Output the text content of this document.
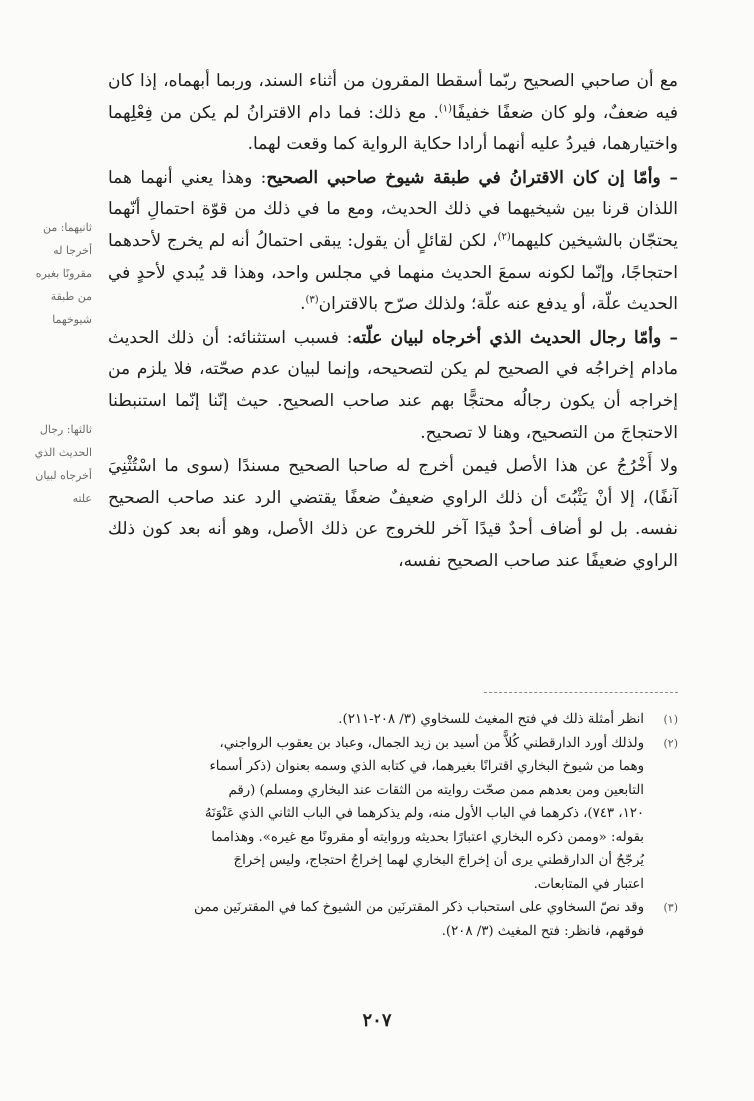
مع أن صاحبي الصحيح ربّما أسقطا المقرون من أثناء السند، وربما أبهماه، إذا كان فيه ضعفٌ، ولو كان ضعفًا خفيفًا$^{(١)}$. مع ذلك: فما دام الاقترانُ لم يكن من فِعْلِهما واختيارهما، فيردُ عليه أنهما أرادا حكاية الرواية كما وقعت لهما.

– وأمّا إن كان الاقترانُ في طبقة شيوخ صاحبي الصحيح: وهذا يعني أنهما هما اللذان قرنا بين شيخيهما في ذلك الحديث، ومع ما في ذلك من قوّة احتمالِ أنّهما يحتجّان بالشيخين كليهما$^{(٢)}$، لكن لقائلٍ أن يقول: يبقى احتمالُ أنه لم يخرج لأحدهما احتجاجًا، وإنّما لكونه سمعَ الحديث منهما في مجلس واحد، وهذا قد يُبدي لأحدٍ في الحديث علّة، أو يدفع عنه علّة؛ ولذلك صرّح بالاقتران$^{(٣)}$.

– وأمّا رجال الحديث الذي أخرجاه لبيان علّته: فسبب استثنائه: أن ذلك الحديث مادام إخراجُه في الصحيح لم يكن لتصحيحه، وإنما لبيان عدم صحّته، فلا يلزم من إخراجه أن يكون رجالُه محتجًّا بهم عند صاحب الصحيح. حيث إنّنا إنّما استنبطنا الاحتجاجَ من التصحيح، وهنا لا تصحيح.

ولا أَخْرُجُ عن هذا الأصل فيمن أخرج له صاحبا الصحيح مسندًا (سوى ما اسْتُثْنِيَ آنفًا)، إلا أنْ يَثْبُتَ أن ذلك الراوي ضعيفٌ ضعفًا يقتضي الرد عند صاحب الصحيح نفسه. بل لو أضاف أحدٌ قيدًا آخر للخروج عن ذلك الأصل، وهو أنه بعد كون ذلك الراوي ضعيفًا عند صاحب الصحيح نفسه،

ثانيهما: من
أخرجا له
مقرونًا بغيره
من طبقة
شيوخهما
ثالثها: رجال
الحديث الذي
أخرجاه لبيان
علته
(١)
انظر أمثلة ذلك في فتح المغيث للسخاوي (٣/ ٢٠٨-٢١١).
(٢)
ولذلك أورد الدارقطني كُلاًّ من أسيد بن زيد الجمال، وعباد بن يعقوب الرواجني،
وهما من شيوخ البخاري اقترانًا بغيرهما، في كتابه الذي وسمه بعنوان (ذكر أسماء
التابعين ومن بعدهم ممن صحّت روايته من الثقات عند البخاري ومسلم) (رقم
١٢٠، ٧٤٣)، ذكرهما في الباب الأول منه، ولم يذكرهما في الباب الثاني الذي عَنْوَنَهُ
بقوله: «وممن ذكره البخاري اعتبارًا بحديثه وروايته أو مقرونًا مع غيره». وهذامما
يُرجّحُ أن الدارقطني يرى أن إخراجَ البخاري لهما إخراجُ احتجاج، وليس إخراجَ
اعتبار في المتابعات.
(٣)
وقد نصّ السخاوي على استحباب ذكر المقترنَين من الشيوخ كما في المقترنَين ممن
فوقهم، فانظر: فتح المغيث (٣/ ٢٠٨).
٢٠٧
